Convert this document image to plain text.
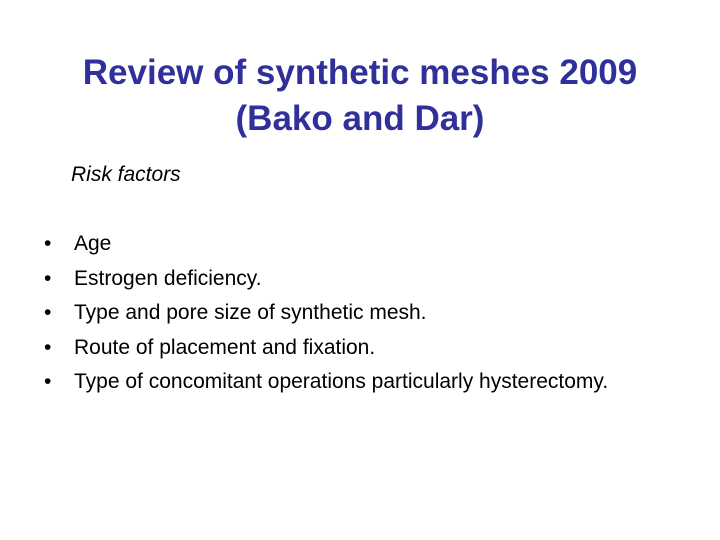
Review of synthetic meshes 2009
(Bako and Dar)
Risk factors
•	Age
•	Estrogen deficiency.
•	Type and pore size of synthetic mesh.
•	Route of placement and fixation.
•	Type of concomitant operations particularly hysterectomy.
